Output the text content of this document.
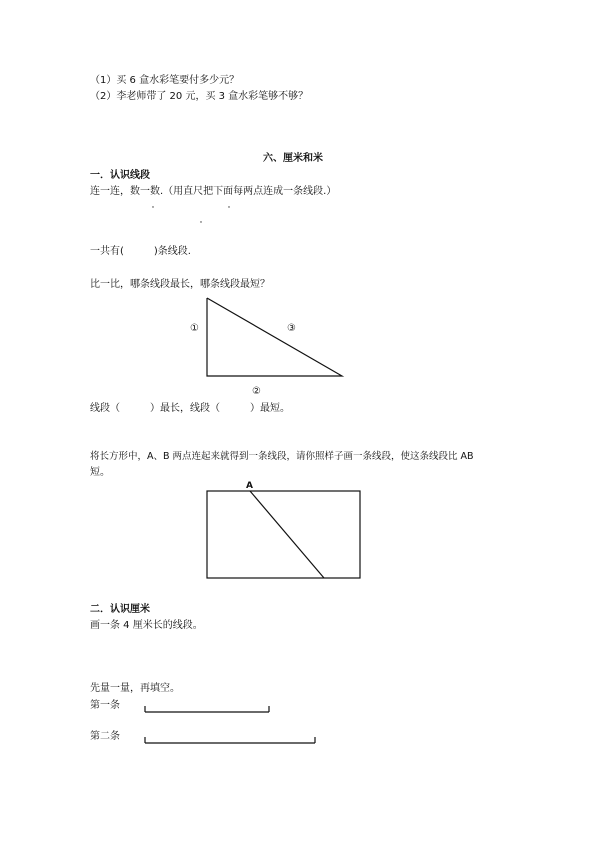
（1）买 6 盒水彩笔要付多少元？
（2）李老师带了 20 元，买 3 盒水彩笔够不够？
六、厘米和米
一．认识线段
连一连，数一数.（用直尺把下面每两点连成一条线段.）
一共有(　　　)条线段.
比一比，哪条线段最长，哪条线段最短？
①	③
②
线段（　　　）最长，线段（　　　）最短。
将长方形中，A、B 两点连起来就得到一条线段，请你照样子画一条线段，使这条线段比 AB
短。
A
二．认识厘米
画一条 4 厘米长的线段。
先量一量，再填空。
第一条
第二条
